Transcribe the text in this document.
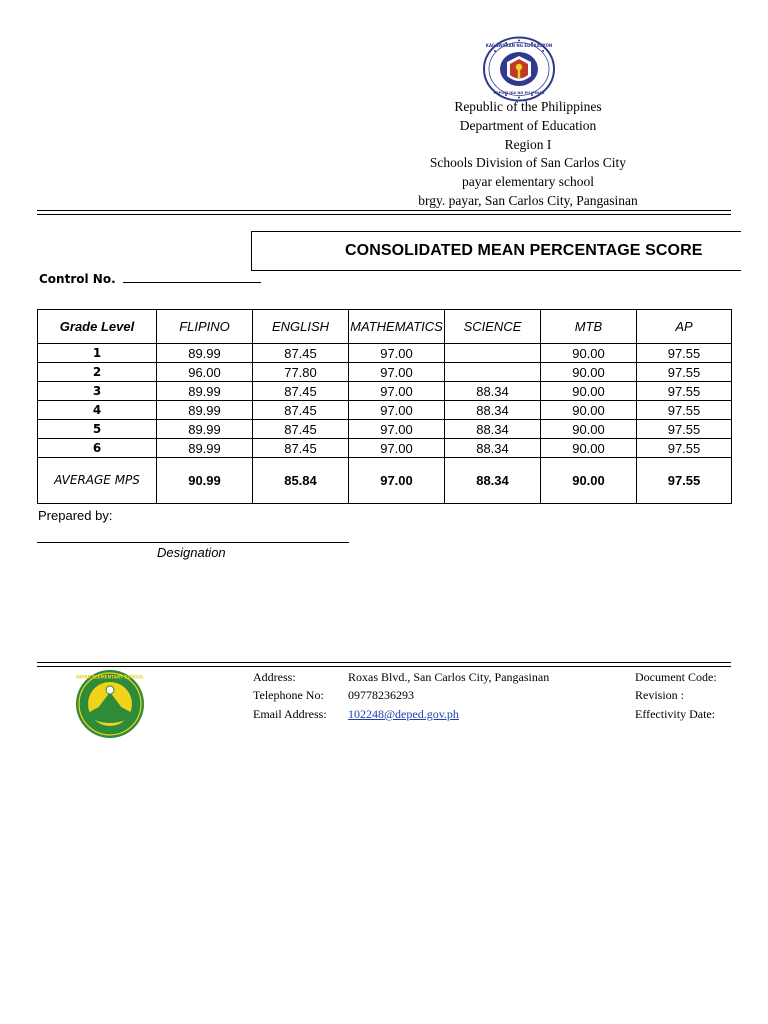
KAGAWARAN NG EDUKASYON
REPUBLIKA NG PILIPINAS
Republic of the Philippines
Department of Education
Region I
Schools Division of San Carlos City
payar elementary school
brgy. payar, San Carlos City, Pangasinan
CONSOLIDATED MEAN PERCENTAGE SCORE
Control No.
Grade Level	FLIPINO	ENGLISH	MATHEMATICS	SCIENCE	MTB	AP
1	89.99	87.45	97.00		90.00	97.55
2	96.00	77.80	97.00		90.00	97.55
3	89.99	87.45	97.00	88.34	90.00	97.55
4	89.99	87.45	97.00	88.34	90.00	97.55
5	89.99	87.45	97.00	88.34	90.00	97.55
6	89.99	87.45	97.00	88.34	90.00	97.55
AVERAGE MPS	90.99	85.84	97.00	88.34	90.00	97.55
Prepared by:
Designation
PAYAR ELEMENTARY SCHOOL	Address:	Roxas Blvd., San Carlos City, Pangasinan
Telephone No: 09778236293
Email Address: 102248@deped.gov.ph
Document Code:
Revision :
Effectivity Date:
